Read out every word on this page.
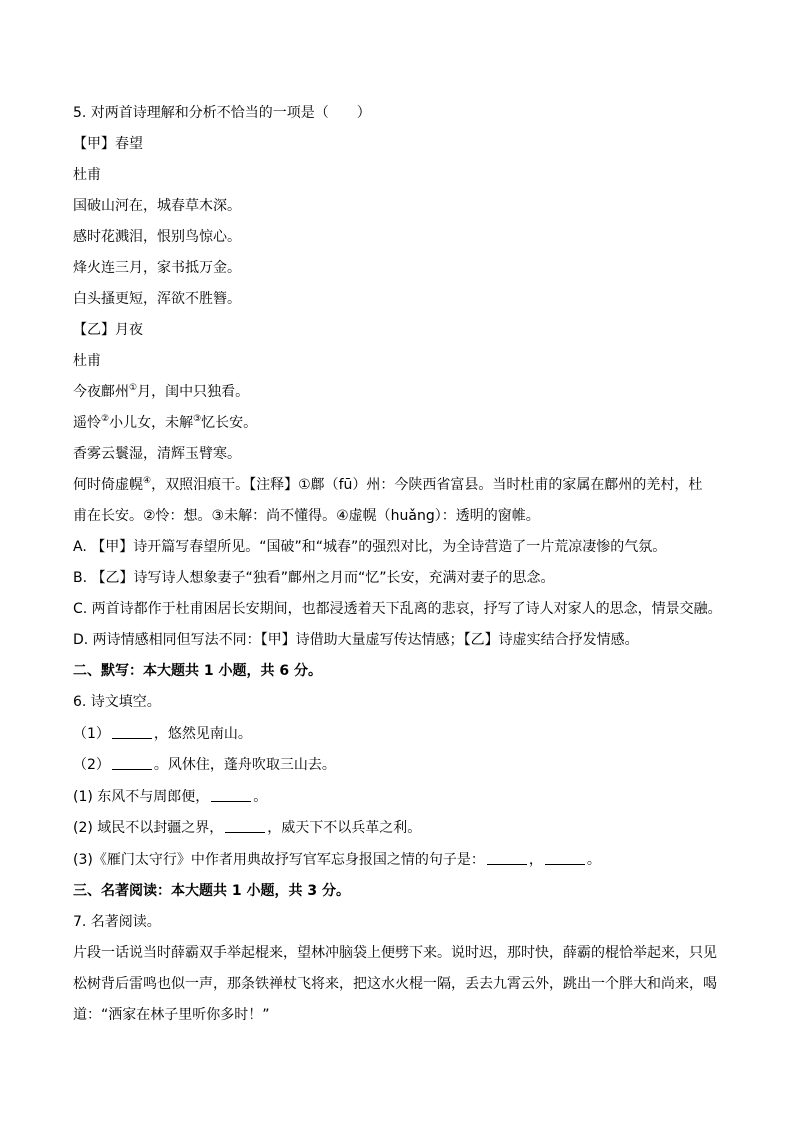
5. 对两首诗理解和分析不恰当的一项是（　　）
【甲】春望
杜甫
国破山河在，城春草木深。
感时花溅泪，恨别鸟惊心。
烽火连三月，家书抵万金。
白头搔更短，浑欲不胜簪。
【乙】月夜
杜甫
今夜鄜州①月，闺中只独看。
遥怜②小儿女，未解③忆长安。
香雾云鬟湿，清辉玉臂寒。
何时倚虚幌④，双照泪痕干。【注释】①鄜（fū）州：今陕西省富县。当时杜甫的家属在鄜州的羌村，杜
甫在长安。②怜：想。③未解：尚不懂得。④虚幌（huǎng）：透明的窗帷。
A. 【甲】诗开篇写春望所见。“国破”和“城春”的强烈对比，为全诗营造了一片荒凉凄惨的气氛。
B. 【乙】诗写诗人想象妻子“独看”鄜州之月而“忆”长安，充满对妻子的思念。
C. 两首诗都作于杜甫困居长安期间，也都浸透着天下乱离的悲哀，抒写了诗人对家人的思念，情景交融。
D. 两诗情感相同但写法不同：【甲】诗借助大量虚写传达情感；【乙】诗虚实结合抒发情感。
二、默写：本大题共 1 小题，共 6 分。
6. 诗文填空。
（1）	，悠然见南山。
（2）	。风休住，蓬舟吹取三山去。
(1) 东风不与周郎便，	。
(2) 域民不以封疆之界，	，威天下不以兵革之利。
(3)《雁门太守行》中作者用典故抒写官军忘身报国之情的句子是：	，	。
三、名著阅读：本大题共 1 小题，共 3 分。
7. 名著阅读。
片段一话说当时薛霸双手举起棍来，望林冲脑袋上便劈下来。说时迟，那时快，薛霸的棍恰举起来，只见
松树背后雷鸣也似一声，那条铁禅杖飞将来，把这水火棍一隔，丢去九霄云外，跳出一个胖大和尚来，喝
道：“洒家在林子里听你多时！”
